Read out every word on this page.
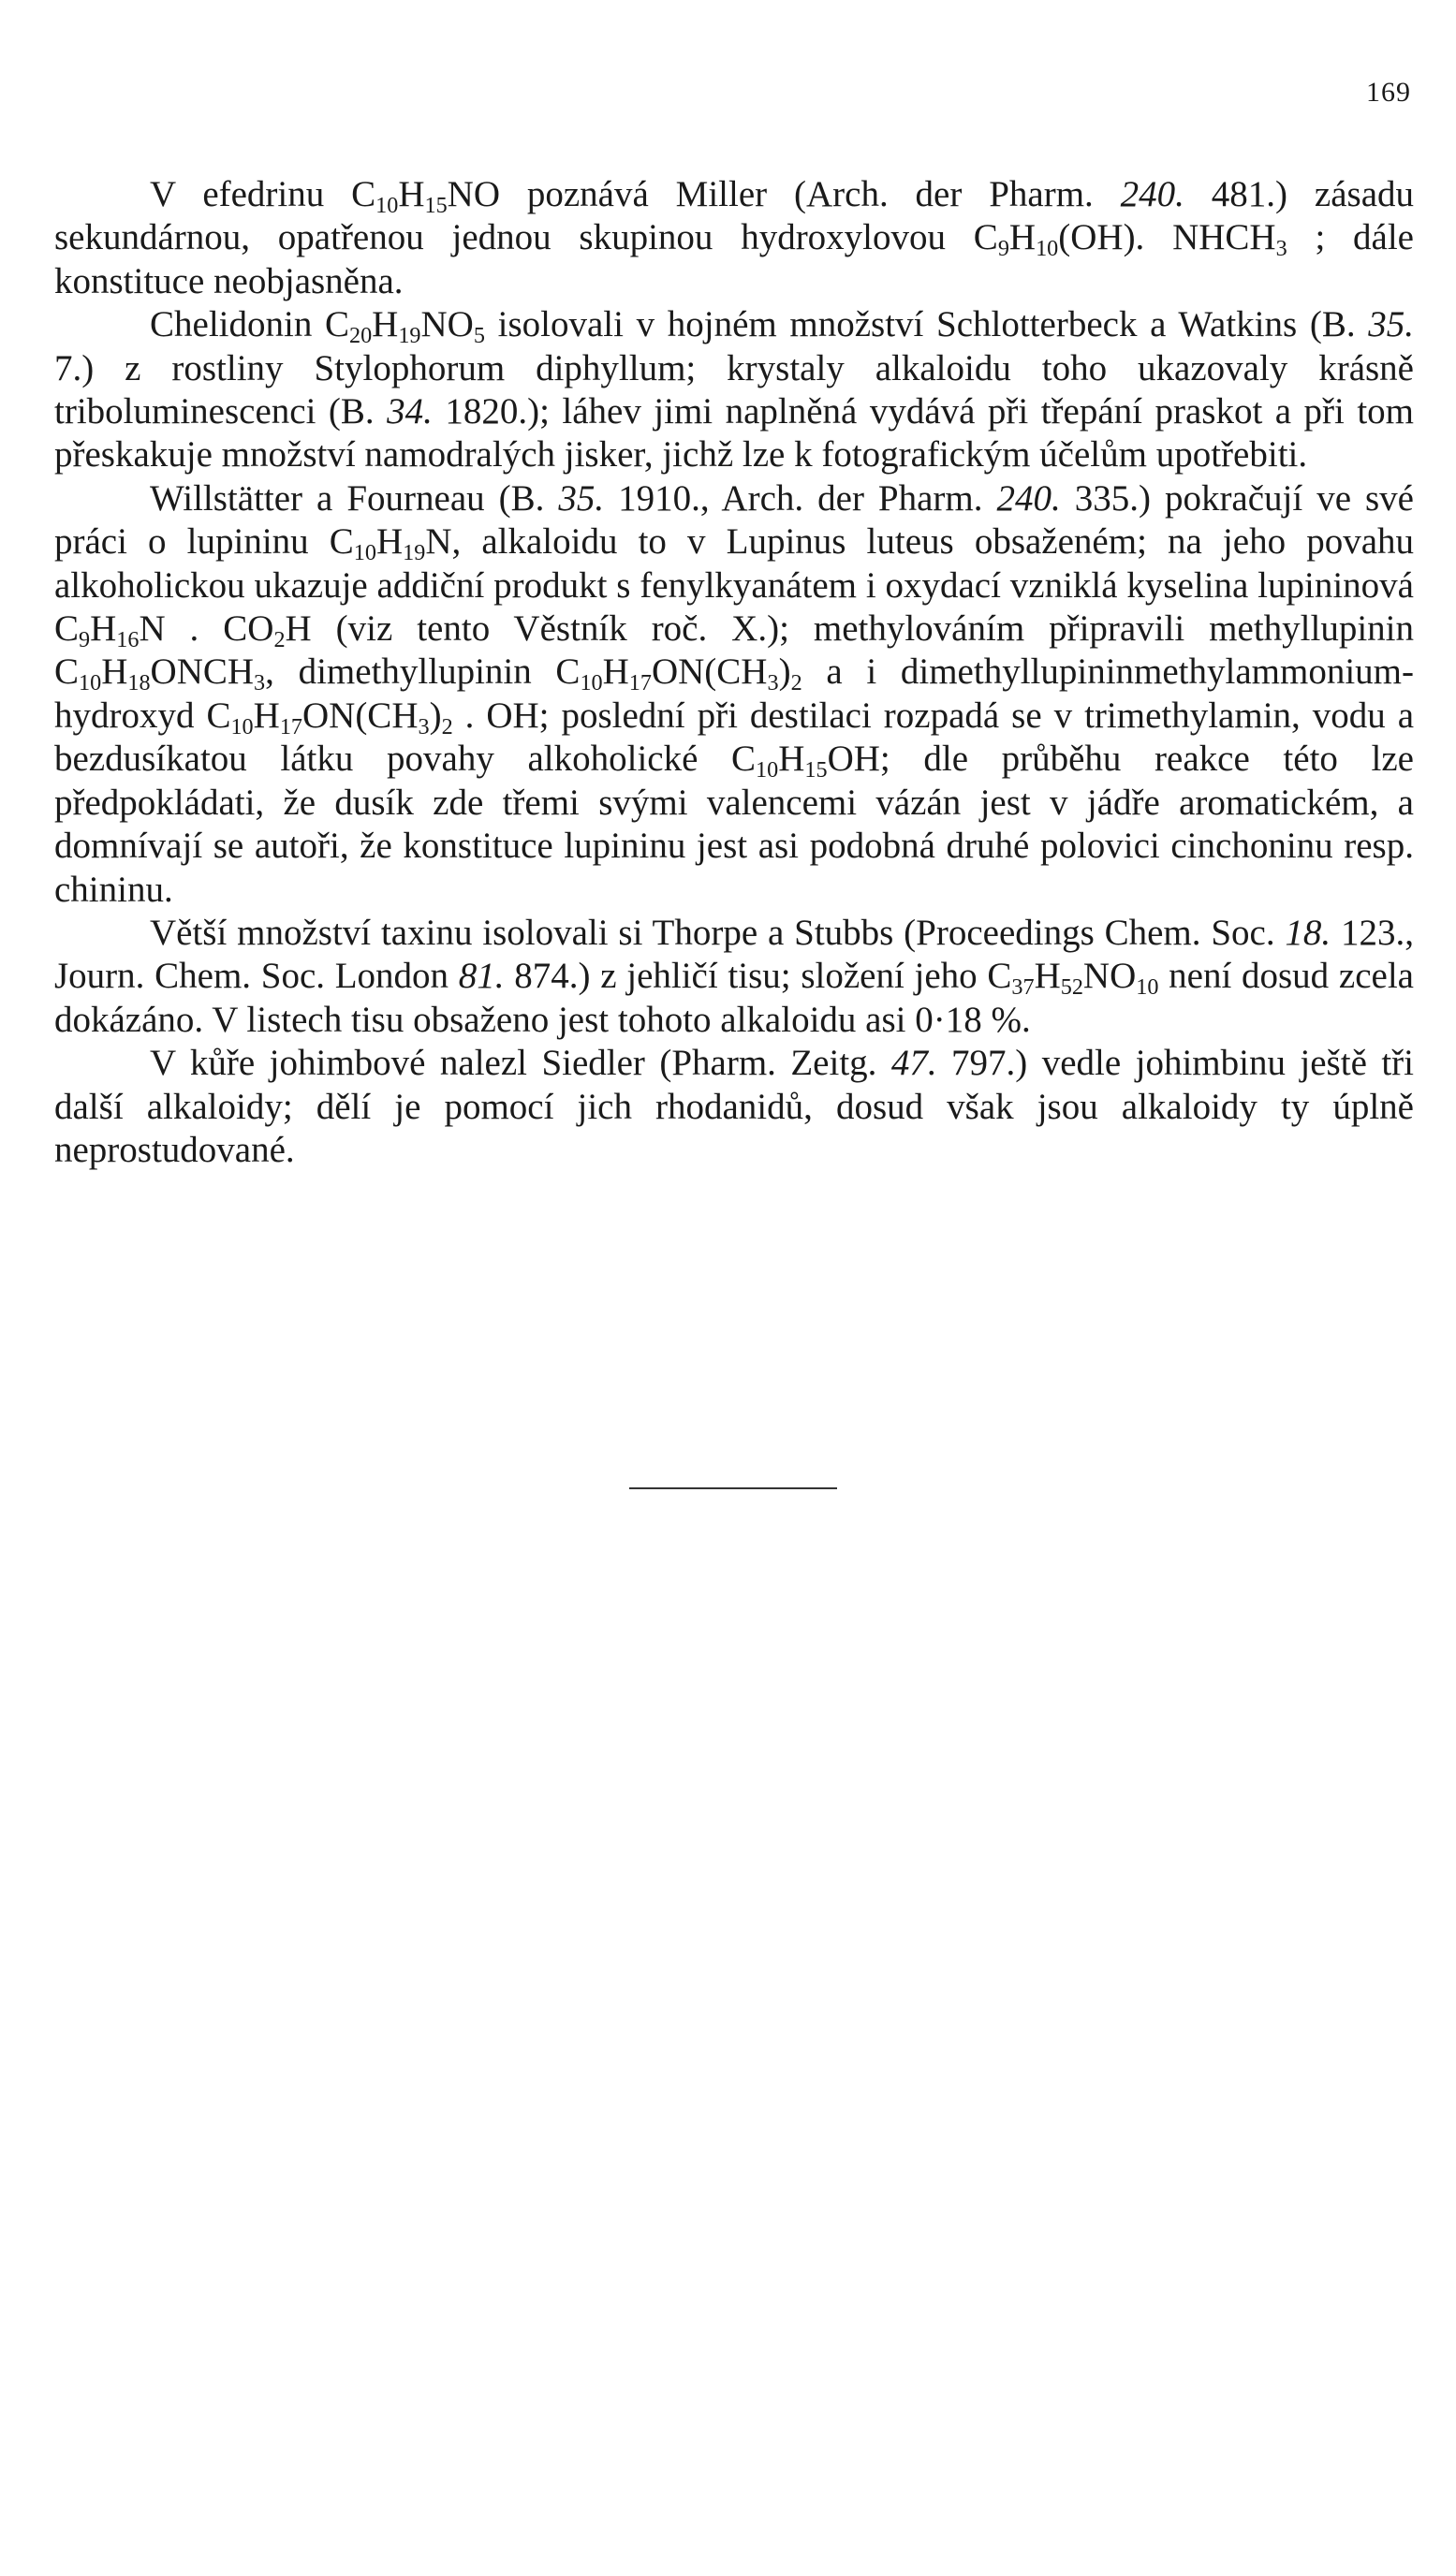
169

V efedrinu $C_{10}H_{15}NO$ poznává Miller (Arch. der Pharm. 240. 481.) zásadu sekundárnou, opatřenou jednou skupinou hydroxylovou $C_9H_{10}(OH)$. $NHCH_3$ ; dále konstituce neobjasněna.

Chelidonin $C_{20}H_{19}NO_5$ isolovali v hojném množství Schlotterbeck a Watkins (B. 35. 7.) z rostliny Stylophorum diphyllum; krystaly alkaloidu toho ukazovaly krásně triboluminescenci (B. 34. 1820.); láhev jimi naplněná vydává při třepání praskot a při tom přeskakuje množství namodralých jisker, jichž lze k fotografickým účelům upotřebiti.

Willstätter a Fourneau (B. 35. 1910., Arch. der Pharm. 240. 335.) pokračují ve své práci o lupininu $C_{10}H_{19}N$, alkaloidu to v Lupinus luteus obsaženém; na jeho povahu alkoholickou ukazuje addiční produkt s fenylkyanátem i oxydací vzniklá kyselina lupininová $C_9H_{16}N$ . $CO_2H$ (viz tento Věstník roč. X.); methylováním připravili methyllupinin $C_{10}H_{18}ONCH_3$, dimethyllupinin $C_{10}H_{17}ON(CH_3)_2$ a i dimethyllupininmethylammonium-hydroxyd $C_{10}H_{17}ON(CH_3)_2$ . OH; poslední při destilaci rozpadá se v trimethylamin, vodu a bezdusíkatou látku povahy alkoholické $C_{10}H_{15}OH$; dle průběhu reakce této lze předpokládati, že dusík zde třemi svými valencemi vázán jest v jádře aromatickém, a domnívají se autoři, že konstituce lupininu jest asi podobná druhé polovici cinchoninu resp. chininu.

Větší množství taxinu isolovali si Thorpe a Stubbs (Proceedings Chem. Soc. 18. 123., Journ. Chem. Soc. London 81. 874.) z jehličí tisu; složení jeho $C_{37}H_{52}NO_{10}$ není dosud zcela dokázáno. V listech tisu obsaženo jest tohoto alkaloidu asi 0·18 %.

V kůře johimbové nalezl Siedler (Pharm. Zeitg. 47. 797.) vedle johimbinu ještě tři další alkaloidy; dělí je pomocí jich rhodanidů, dosud však jsou alkaloidy ty úplně neprostudované.
